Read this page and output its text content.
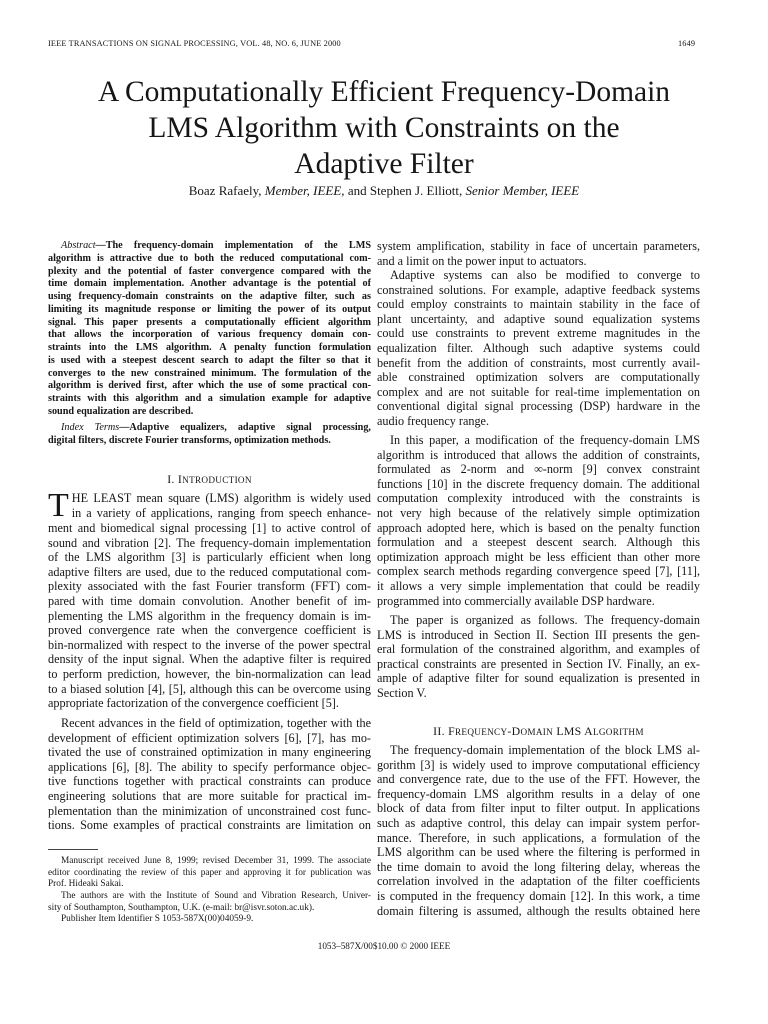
IEEE TRANSACTIONS ON SIGNAL PROCESSING, VOL. 48, NO. 6, JUNE 2000	1649
A Computationally Efficient Frequency-Domain
LMS Algorithm with Constraints on the
Adaptive Filter
Boaz Rafaely, Member, IEEE, and Stephen J. Elliott, Senior Member, IEEE
Abstract—The frequency-domain implementation of the LMS
algorithm is attractive due to both the reduced computational com-
plexity and the potential of faster convergence compared with the
time domain implementation. Another advantage is the potential of
using frequency-domain constraints on the adaptive filter, such as
limiting its magnitude response or limiting the power of its output
signal. This paper presents a computationally efficient algorithm
that allows the incorporation of various frequency domain con-
straints into the LMS algorithm. A penalty function formulation
is used with a steepest descent search to adapt the filter so that it
converges to the new constrained minimum. The formulation of the
algorithm is derived first, after which the use of some practical con-
straints with this algorithm and a simulation example for adaptive
sound equalization are described.
Index Terms—Adaptive equalizers, adaptive signal processing,
digital filters, discrete Fourier transforms, optimization methods.
I. INTRODUCTION
T HE LEAST mean square (LMS) algorithm is widely used
in a variety of applications, ranging from speech enhance-
ment and biomedical signal processing [1] to active control of
sound and vibration [2]. The frequency-domain implementation
of the LMS algorithm [3] is particularly efficient when long
adaptive filters are used, due to the reduced computational com-
plexity associated with the fast Fourier transform (FFT) com-
pared with time domain convolution. Another benefit of im-
plementing the LMS algorithm in the frequency domain is im-
proved convergence rate when the convergence coefficient is
bin-normalized with respect to the inverse of the power spectral
density of the input signal. When the adaptive filter is required
to perform prediction, however, the bin-normalization can lead
to a biased solution [4], [5], although this can be overcome using
appropriate factorization of the convergence coefficient [5].
Recent advances in the field of optimization, together with the
development of efficient optimization solvers [6], [7], has mo-
tivated the use of constrained optimization in many engineering
applications [6], [8]. The ability to specify performance objec-
tive functions together with practical constraints can produce
engineering solutions that are more suitable for practical im-
plementation than the minimization of unconstrained cost func-
tions. Some examples of practical constraints are limitation on
Manuscript received June 8, 1999; revised December 31, 1999. The associate
editor coordinating the review of this paper and approving it for publication was
Prof. Hideaki Sakai.
The authors are with the Institute of Sound and Vibration Research, Univer-
sity of Southampton, Southampton, U.K. (e-mail: br@isvr.soton.ac.uk).
Publisher Item Identifier S 1053-587X(00)04059-9.
system amplification, stability in face of uncertain parameters,
and a limit on the power input to actuators.
Adaptive systems can also be modified to converge to
constrained solutions. For example, adaptive feedback systems
could employ constraints to maintain stability in the face of
plant uncertainty, and adaptive sound equalization systems
could use constraints to prevent extreme magnitudes in the
equalization filter. Although such adaptive systems could
benefit from the addition of constraints, most currently avail-
able constrained optimization solvers are computationally
complex and are not suitable for real-time implementation on
conventional digital signal processing (DSP) hardware in the
audio frequency range.
In this paper, a modification of the frequency-domain LMS
algorithm is introduced that allows the addition of constraints,
formulated as 2-norm and ∞-norm [9] convex constraint
functions [10] in the discrete frequency domain. The additional
computation complexity introduced with the constraints is
not very high because of the relatively simple optimization
approach adopted here, which is based on the penalty function
formulation and a steepest descent search. Although this
optimization approach might be less efficient than other more
complex search methods regarding convergence speed [7], [11],
it allows a very simple implementation that could be readily
programmed into commercially available DSP hardware.
The paper is organized as follows. The frequency-domain
LMS is introduced in Section II. Section III presents the gen-
eral formulation of the constrained algorithm, and examples of
practical constraints are presented in Section IV. Finally, an ex-
ample of adaptive filter for sound equalization is presented in
Section V.
II. FREQUENCY-DOMAIN LMS ALGORITHM
The frequency-domain implementation of the block LMS al-
gorithm [3] is widely used to improve computational efficiency
and convergence rate, due to the use of the FFT. However, the
frequency-domain LMS algorithm results in a delay of one
block of data from filter input to filter output. In applications
such as adaptive control, this delay can impair system perfor-
mance. Therefore, in such applications, a formulation of the
LMS algorithm can be used where the filtering is performed in
the time domain to avoid the long filtering delay, whereas the
correlation involved in the adaptation of the filter coefficients
is computed in the frequency domain [12]. In this work, a time
domain filtering is assumed, although the results obtained here
1053–587X/00$10.00 © 2000 IEEE
